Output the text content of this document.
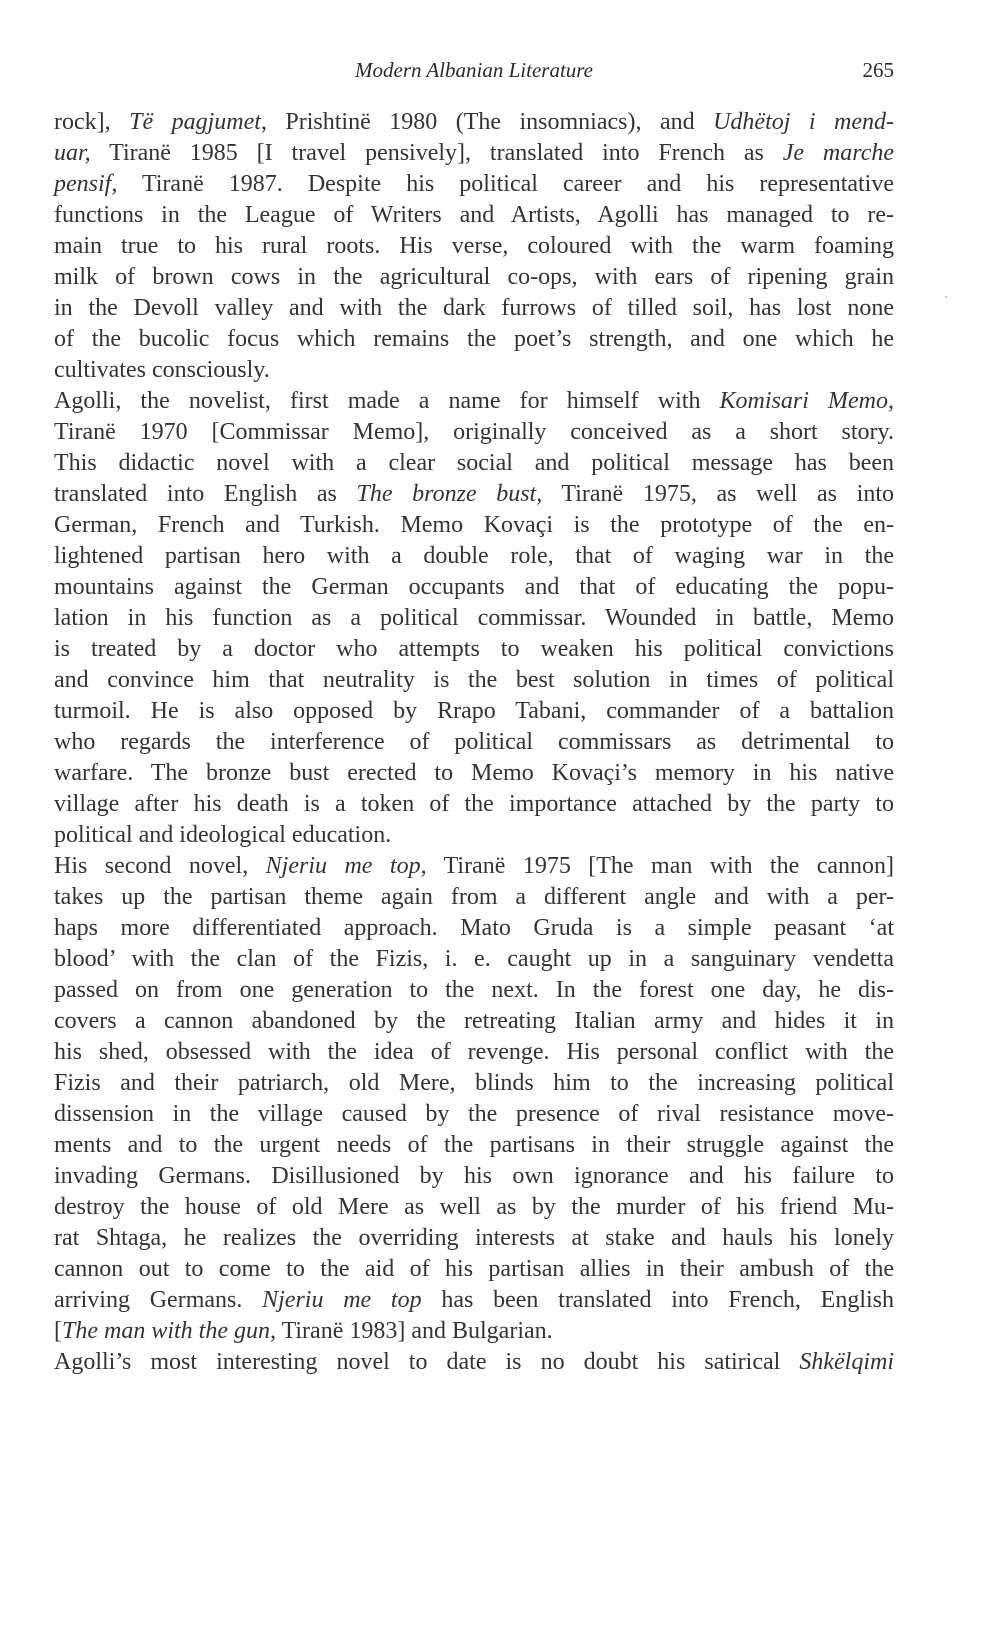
Modern Albanian Literature	265
rock], Të pagjumet, Prishtinë 1980 (The insomniacs), and Udhëtoj i mend-
uar, Tiranë 1985 [I travel pensively], translated into French as Je marche
pensif, Tiranë 1987. Despite his political career and his representative
functions in the League of Writers and Artists, Agolli has managed to re-
main true to his rural roots. His verse, coloured with the warm foaming
milk of brown cows in the agricultural co-ops, with ears of ripening grain
in the Devoll valley and with the dark furrows of tilled soil, has lost none
of the bucolic focus which remains the poet’s strength, and one which he
cultivates consciously.
Agolli, the novelist, first made a name for himself with Komisari Memo,
Tiranë 1970 [Commissar Memo], originally conceived as a short story.
This didactic novel with a clear social and political message has been
translated into English as The bronze bust, Tiranë 1975, as well as into
German, French and Turkish. Memo Kovaçi is the prototype of the en-
lightened partisan hero with a double role, that of waging war in the
mountains against the German occupants and that of educating the popu-
lation in his function as a political commissar. Wounded in battle, Memo
is treated by a doctor who attempts to weaken his political convictions
and convince him that neutrality is the best solution in times of political
turmoil. He is also opposed by Rrapo Tabani, commander of a battalion
who regards the interference of political commissars as detrimental to
warfare. The bronze bust erected to Memo Kovaçi’s memory in his native
village after his death is a token of the importance attached by the party to
political and ideological education.
His second novel, Njeriu me top, Tiranë 1975 [The man with the cannon]
takes up the partisan theme again from a different angle and with a per-
haps more differentiated approach. Mato Gruda is a simple peasant ‘at
blood’ with the clan of the Fizis, i. e. caught up in a sanguinary vendetta
passed on from one generation to the next. In the forest one day, he dis-
covers a cannon abandoned by the retreating Italian army and hides it in
his shed, obsessed with the idea of revenge. His personal conflict with the
Fizis and their patriarch, old Mere, blinds him to the increasing political
dissension in the village caused by the presence of rival resistance move-
ments and to the urgent needs of the partisans in their struggle against the
invading Germans. Disillusioned by his own ignorance and his failure to
destroy the house of old Mere as well as by the murder of his friend Mu-
rat Shtaga, he realizes the overriding interests at stake and hauls his lonely
cannon out to come to the aid of his partisan allies in their ambush of the
arriving Germans. Njeriu me top has been translated into French, English
[The man with the gun, Tiranë 1983] and Bulgarian.
Agolli’s most interesting novel to date is no doubt his satirical Shkëlqimi
